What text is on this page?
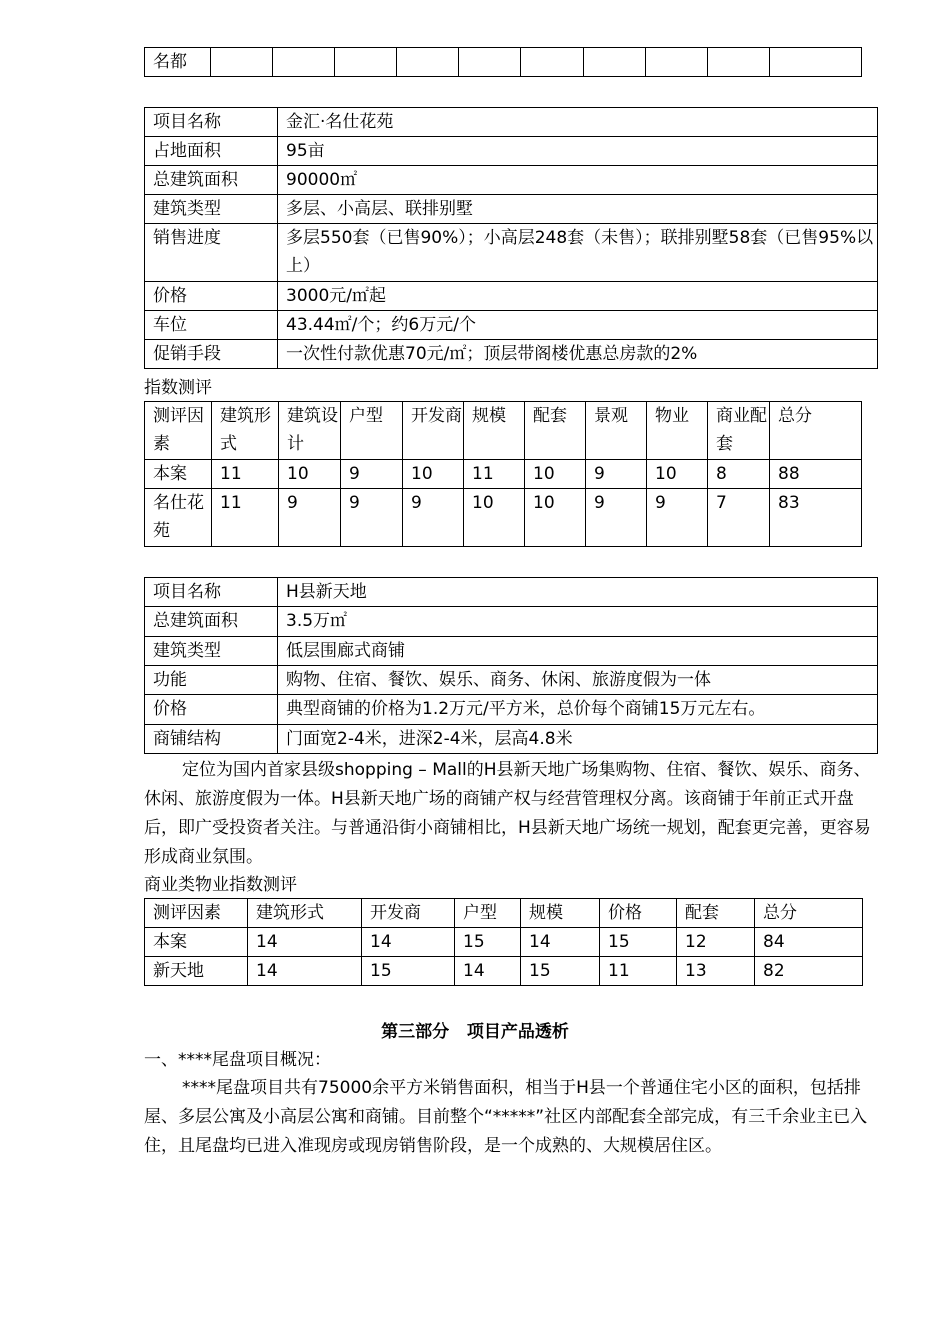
名都										
项目名称	金汇·名仕花苑
占地面积	95亩
总建筑面积	90000㎡
建筑类型	多层、小高层、联排别墅
销售进度	多层550套（已售90%）；小高层248套（未售）；联排别墅58套（已售95%以上）
价格	3000元/㎡起
车位	43.44㎡/个；约6万元/个
促销手段	一次性付款优惠70元/㎡；顶层带阁楼优惠总房款的2%
指数测评
测评因素	建筑形式	建筑设计	户型	开发商	规模	配套	景观	物业	商业配套	总分
本案	11	10	9	10	11	10	9	10	8	88
名仕花苑	11	9	9	9	10	10	9	9	7	83
项目名称	H县新天地
总建筑面积	3.5万㎡
建筑类型	低层围廊式商铺
功能	购物、住宿、餐饮、娱乐、商务、休闲、旅游度假为一体
价格	典型商铺的价格为1.2万元/平方米，总价每个商铺15万元左右。
商铺结构	门面宽2-4米，进深2-4米，层高4.8米
定位为国内首家县级shopping – Mall的H县新天地广场集购物、住宿、餐饮、娱乐、商务、休闲、旅游度假为一体。H县新天地广场的商铺产权与经营管理权分离。该商铺于年前正式开盘后，即广受投资者关注。与普通沿街小商铺相比，H县新天地广场统一规划，配套更完善，更容易形成商业氛围。
商业类物业指数测评
测评因素	建筑形式	开发商	户型	规模	价格	配套	总分
本案	14	14	15	14	15	12	84
新天地	14	15	14	15	11	13	82
第三部分   项目产品透析
一、****尾盘项目概况：
****尾盘项目共有75000余平方米销售面积，相当于H县一个普通住宅小区的面积，包括排屋、多层公寓及小高层公寓和商铺。目前整个“*****”社区内部配套全部完成，有三千余业主已入住，且尾盘均已进入准现房或现房销售阶段，是一个成熟的、大规模居住区。
